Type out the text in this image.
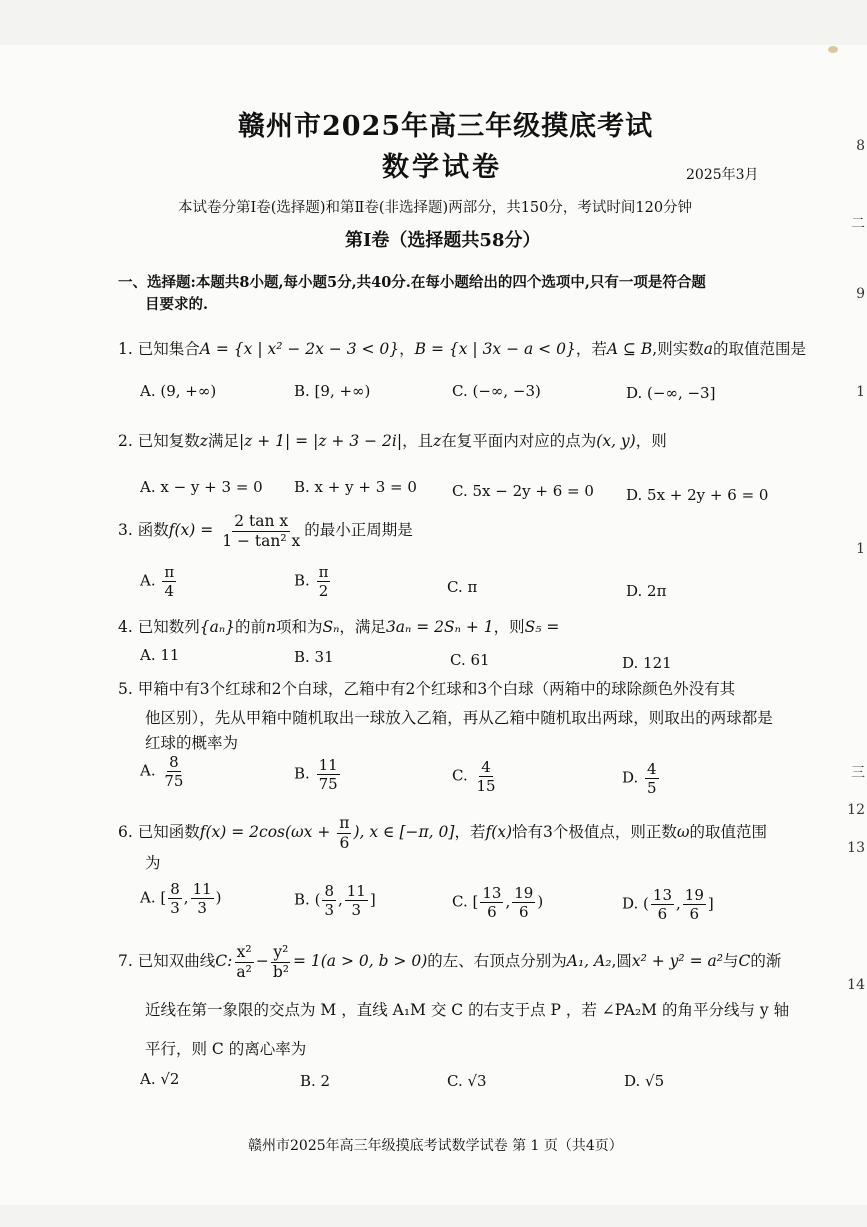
赣州市2025年高三年级摸底考试
数学试卷	2025年3月
本试卷分第Ⅰ卷(选择题)和第Ⅱ卷(非选择题)两部分，共150分，考试时间120分钟
第Ⅰ卷（选择题共58分）
一、选择题:本题共8小题,每小题5分,共40分.在每小题给出的四个选项中,只有一项是符合题
目要求的.
1. 已知集合A = {x | x² − 2x − 3 < 0}，B = {x | 3x − a < 0}，若A ⊆ B,则实数a的取值范围是
A. (9, +∞)	B. [9, +∞)	C. (−∞, −3)	D. (−∞, −3]
2. 已知复数z满足|z + 1| = |z + 3 − 2i|，且z在复平面内对应的点为(x, y)，则
A. x − y + 3 = 0 B. x + y + 3 = 0 C. 5x − 2y + 6 = 0 D. 5x + 2y + 6 = 0
3. 函数$f(x) = \frac{\text{2 tan x}}{\text{1 − tan² x}}$ 的最小正周期是
A. $\frac{\pi}{4}$	B. $\frac{\pi}{2}$	C. π	D. 2π
4. 已知数列{aₙ}的前n项和为Sₙ，满足3aₙ = 2Sₙ + 1，则S₅ =
A. 11	B. 31	C. 61	D. 121
5. 甲箱中有3个红球和2个白球，乙箱中有2个红球和3个白球（两箱中的球除颜色外没有其
他区别），先从甲箱中随机取出一球放入乙箱，再从乙箱中随机取出两球，则取出的两球都是
红球的概率为
A. $\frac{8}{75}$	B. $\frac{11}{75}$	C. $\frac{4}{15}$	D. $\frac{4}{5}$
6. 已知函数$f(x) = 2\cos(\omega x + \frac{\pi}{6}$ ), x ∈ [−π, 0]，若f(x)恰有3个极值点，则正数ω的取值范围
为
A. [ $\frac{8}{3}$ , $\frac{11}{3}$ )	B. ( $\frac{8}{3}$ , $\frac{11}{3}$ ]	C. [ $\frac{13}{6}$ , $\frac{19}{6}$ )	D. ( $\frac{13}{6}$ , $\frac{19}{6}$ ]
7. 已知双曲线C: $\frac{\text{x²}}{\text{a²}} - \frac{\text{y²}}{\text{b²}} = 1(a > 0$, b > 0)的左、右顶点分别为A₁, A₂,圆x² + y² = a²与C的渐
近线在第一象限的交点为 M ，直线 A₁M 交 C 的右支于点 P ，若 ∠PA₂M 的角平分线与 y 轴
平行，则 C 的离心率为
A. √2	B. 2	C. √3	D. √5
赣州市2025年高三年级摸底考试数学试卷 第 1 页（共4页）
8
二
9
1
1
三
12
13
14
